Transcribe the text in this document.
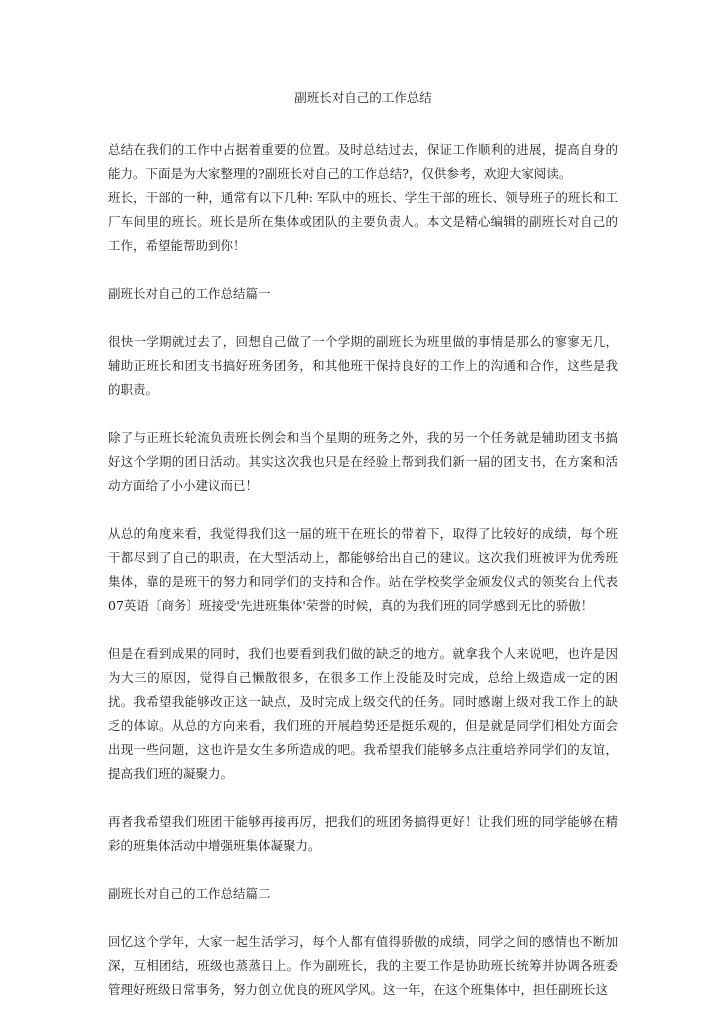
副班长对自己的工作总结

总结在我们的工作中占据着重要的位置。及时总结过去，保证工作顺利的进展，提高自身的能力。下面是为大家整理的?副班长对自己的工作总结?，仅供参考，欢迎大家阅读。

班长，干部的一种，通常有以下几种: 军队中的班长、学生干部的班长、领导班子的班长和工厂车间里的班长。班长是所在集体或团队的主要负责人。本文是精心编辑的副班长对自己的工作，希望能帮助到你！

副班长对自己的工作总结篇一

很快一学期就过去了，回想自己做了一个学期的副班长为班里做的事情是那么的寥寥无几，辅助正班长和团支书搞好班务团务，和其他班干保持良好的工作上的沟通和合作，这些是我的职责。

除了与正班长轮流负责班长例会和当个星期的班务之外，我的另一个任务就是辅助团支书搞好这个学期的团日活动。其实这次我也只是在经验上帮到我们新一届的团支书，在方案和活动方面给了小小建议而已！

从总的角度来看，我觉得我们这一届的班干在班长的带着下，取得了比较好的成绩，每个班干都尽到了自己的职责，在大型活动上，都能够给出自己的建议。这次我们班被评为优秀班集体，靠的是班干的努力和同学们的支持和合作。站在学校奖学金颁发仪式的领奖台上代表07英语〔商务〕班接受'先进班集体'荣誉的时候，真的为我们班的同学感到无比的骄傲！

但是在看到成果的同时，我们也要看到我们做的缺乏的地方。就拿我个人来说吧，也许是因为大三的原因，觉得自己懒散很多，在很多工作上没能及时完成，总给上级造成一定的困扰。我希望我能够改正这一缺点，及时完成上级交代的任务。同时感谢上级对我工作上的缺乏的体谅。从总的方向来看，我们班的开展趋势还是挺乐观的，但是就是同学们相处方面会出现一些问题，这也许是女生多所造成的吧。我希望我们能够多点注重培养同学们的友谊，提高我们班的凝聚力。

再者我希望我们班团干能够再接再厉，把我们的班团务搞得更好！让我们班的同学能够在精彩的班集体活动中增强班集体凝聚力。

副班长对自己的工作总结篇二

回忆这个学年，大家一起生活学习，每个人都有值得骄傲的成绩，同学之间的感情也不断加深，互相团结，班级也蒸蒸日上。作为副班长，我的主要工作是协助班长统筹并协调各班委管理好班级日常事务，努力创立优良的班风学风。这一年，在这个班集体中，担任副班长这
